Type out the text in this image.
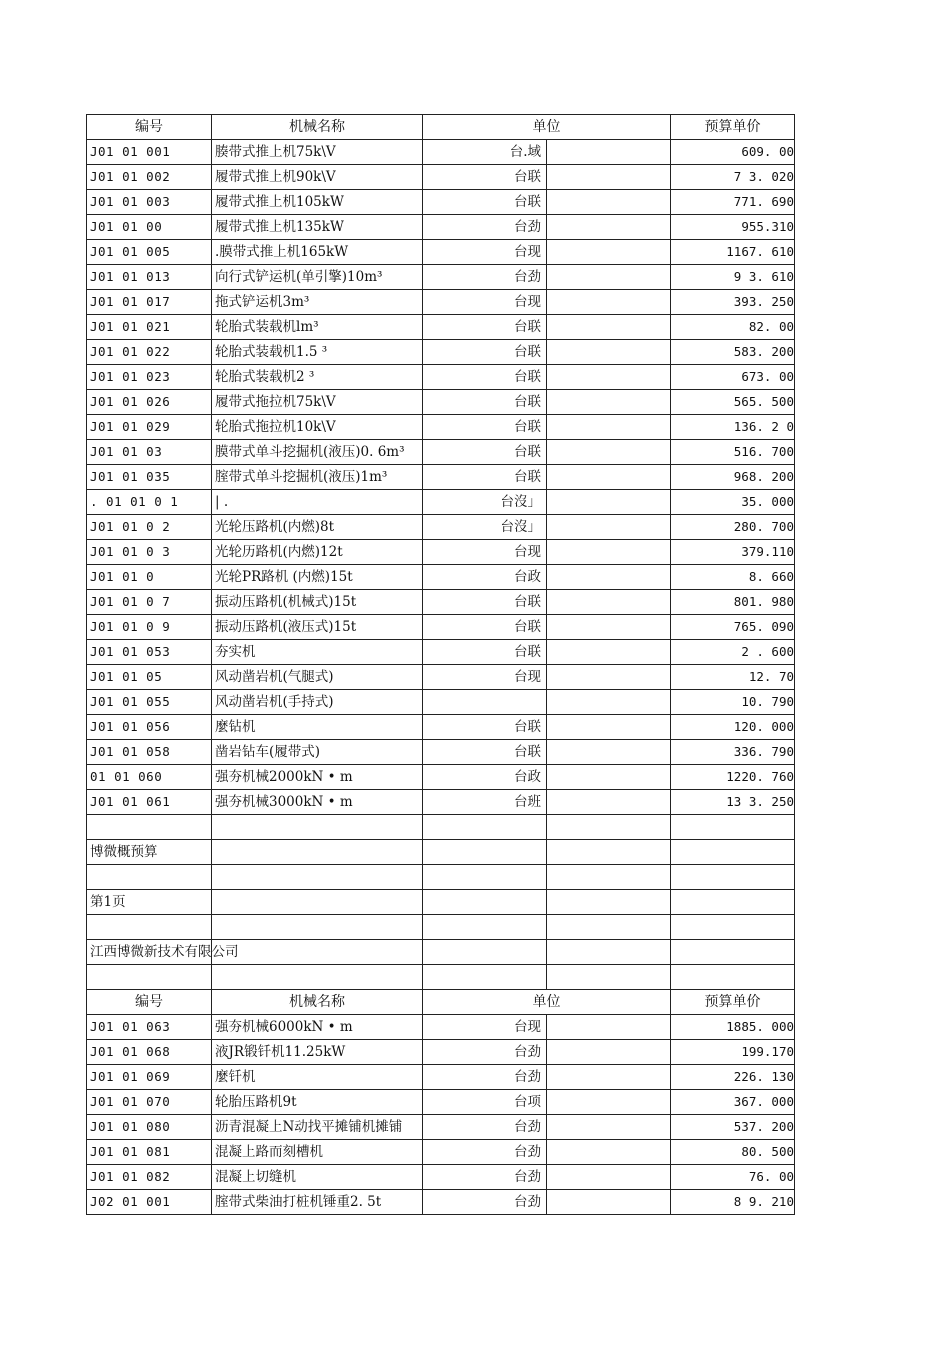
编号	机械名称	单位		预算单价
J01 01 001	腠带式推上机75k\V	台.域		609. 00
J01 01 002	履带式推上机90k\V	台联		7 3. 020
J01 01 003	履带式推上机105kW	台联		771. 690
J01 01 00	履带式推上机135kW	台劲		955.310
J01 01 005	.膜带式推上机165kW	台现		1167. 610
J01 01 013	向行式铲运机(单引擎)10m³	台劲		9 3. 610
J01 01 017	拖式铲运机3m³	台现		393. 250
J01 01 021	轮胎式装载机lm³	台联		82. 00
J01 01 022	轮胎式装载机1.5 ³	台联		583. 200
J01 01 023	轮胎式装载机2 ³	台联		673. 00
J01 01 026	履带式拖拉机75k\V	台联		565. 500
J01 01 029	轮胎式拖拉机10k\V	台联		136. 2 0
J01 01 03	膜带式单斗挖掘机(液压)0. 6m³	台联		516. 700
J01 01 035	腟带式单斗挖掘机(液压)1m³	台联		968. 200
. 01 01 0 1	| .	台沒」		35. 000
J01 01 0 2	光轮压路机(内燃)8t	台沒」		280. 700
J01 01 0 3	光轮历路机(内燃)12t	台现		379.110
J01 01 0	光轮PR路机 (内燃)15t	台政		8. 660
J01 01 0 7	振动压路机(机械式)15t	台联		801. 980
J01 01 0 9	振动压路机(液压式)15t	台联		765. 090
J01 01 053	夯实机	台联		2 . 600
J01 01 05	风动凿岩机(气腿式)	台现		12. 70
J01 01 055	风动凿岩机(手持式)			10. 790
J01 01 056	麼钻机	台联		120. 000
J01 01 058	凿岩钻车(履带式)	台联		336. 790
01 01 060	强夯机械2000kN • m	台政		1220. 760
J01 01 061	强夯机械3000kN • m	台班		13 3. 250

博微概预算				

第1页				

江西博微新技术有限公司				

编号	机械名称	单位		预算单价
J01 01 063	强夯机械6000kN • m	台现		1885. 000
J01 01 068	液JR锻钎机11.25kW	台劲		199.170
J01 01 069	麼钎机	台劲		226. 130
J01 01 070	轮胎压路机9t	台项		367. 000
J01 01 080	沥青混凝上N动找平摊铺机摊铺	台劲		537. 200
J01 01 081	混凝上路而刻槽机	台劲		80. 500
J01 01 082	混凝上切缝机	台劲		76. 00
J02 01 001	腟带式柴油打桩机锤重2. 5t	台劲		8 9. 210
